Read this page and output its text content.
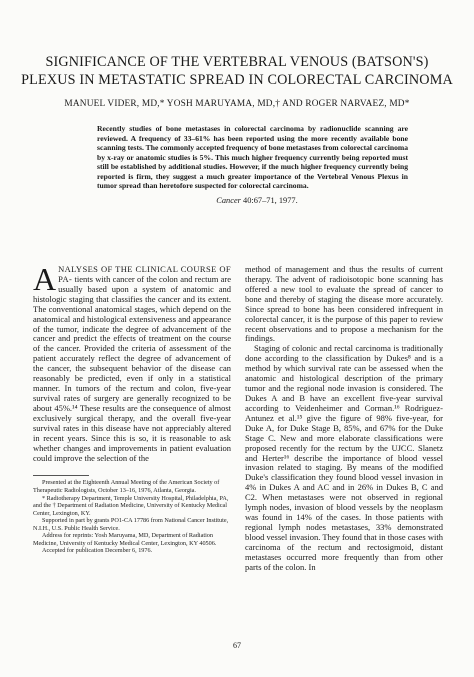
SIGNIFICANCE OF THE VERTEBRAL VENOUS (BATSON'S) PLEXUS IN METASTATIC SPREAD IN COLORECTAL CARCINOMA
MANUEL VIDER, MD,* YOSH MARUYAMA, MD,† AND ROGER NARVAEZ, MD*
Recently studies of bone metastases in colorectal carcinoma by radionuclide scanning are reviewed. A frequency of 33–61% has been reported using the more recently available bone scanning tests. The commonly accepted frequency of bone metastases from colorectal carcinoma by x-ray or anatomic studies is 5%. This much higher frequency currently being reported must still be established by additional studies. However, if the much higher frequency currently being reported is firm, they suggest a much greater importance of the Vertebral Venous Plexus in tumor spread than heretofore suspected for colorectal carcinoma.
Cancer 40:67–71, 1977.

ANALYSES OF THE CLINICAL COURSE OF PA- tients with cancer of the colon and rectum are usually based upon a system of anatomic and histologic staging that classifies the cancer and its extent. The conventional anatomical stages, which depend on the anatomical and histological extensiveness and appearance of the tumor, indicate the degree of advancement of the cancer and predict the effects of treatment on the course of the cancer. Provided the criteria of assessment of the patient accurately reflect the degree of advancement of the cancer, the subsequent behavior of the disease can reasonably be predicted, even if only in a statistical manner. In tumors of the rectum and colon, five-year survival rates of surgery are generally recognized to be about 45%.¹⁴ These results are the consequence of almost exclusively surgical therapy, and the overall five-year survival rates in this disease have not appreciably altered in recent years. Since this is so, it is reasonable to ask whether changes and improvements in patient evaluation could improve the selection of the

Presented at the Eighteenth Annual Meeting of the American Society of Therapeutic Radiologists, October 13–16, 1976, Atlanta, Georgia.

* Radiotherapy Department, Temple University Hospital, Philadelphia, PA, and the † Department of Radiation Medicine, University of Kentucky Medical Center, Lexington, KY.

Supported in part by grants PO1-CA 17786 from National Cancer Institute, N.I.H., U.S. Public Health Service.

Address for reprints: Yosh Maruyama, MD, Department of Radiation Medicine, University of Kentucky Medical Center, Lexington, KY 40506.

Accepted for publication December 6, 1976.

method of management and thus the results of current therapy. The advent of radioisotopic bone scanning has offered a new tool to evaluate the spread of cancer to bone and thereby of staging the disease more accurately. Since spread to bone has been considered infrequent in colorectal cancer, it is the purpose of this paper to review recent observations and to propose a mechanism for the findings.

Staging of colonic and rectal carcinoma is traditionally done according to the classification by Dukes⁸ and is a method by which survival rate can be assessed when the anatomic and histological description of the primary tumor and the regional node invasion is considered. The Dukes A and B have an excellent five-year survival according to Veidenheimer and Corman.¹⁶ Rodriguez-Antunez et al.¹⁵ give the figure of 98% five-year, for Duke A, for Duke Stage B, 85%, and 67% for the Duke Stage C. New and more elaborate classifications were proposed recently for the rectum by the UJCC. Slanetz and Herter¹⁶ describe the importance of blood vessel invasion related to staging. By means of the modified Duke's classification they found blood vessel invasion in 4% in Dukes A and AC and in 26% in Dukes B, C and C2. When metastases were not observed in regional lymph nodes, invasion of blood vessels by the neoplasm was found in 14% of the cases. In those patients with regional lymph nodes metastases, 33% demonstrated blood vessel invasion. They found that in those cases with carcinoma of the rectum and rectosigmoid, distant metastases occurred more frequently than from other parts of the colon. In

67
